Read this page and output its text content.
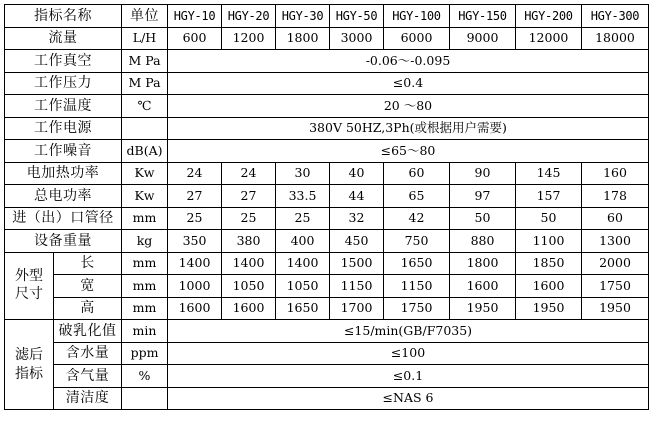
指标名称		单位	HGY-10	HGY-20	HGY-30	HGY-50	HGY-100	HGY-150	HGY-200	HGY-300
流量		L/H	600	1200	1800	3000	6000	9000	12000	18000
工作真空		M Pa	-0.06～-0.095							
工作压力		M Pa	≤0.4							
工作温度		℃	20 ～80							
工作电源			380V 50HZ,3Ph(或根据用户需要)							
工作噪音		dB(A)	≤65～80							
电加热功率		Kw	24	24	30	40	60	90	145	160
总电功率		Kw	27	27	33.5	44	65	97	157	178
进（出）口管径		mm	25	25	25	32	42	50	50	60
设备重量		kg	350	380	400	450	750	880	1100	1300

外型
尺寸	长	mm	1400	1400	1400	1500	1650	1800	1850	2000
	宽	mm	1000	1050	1050	1150	1150	1600	1600	1750
	高	mm	1600	1600	1650	1700	1750	1950	1950	1950

滤后
指标	破乳化值	min	≤15/min(GB/F7035)							
	含水量	ppm	≤100							
	含气量	%	≤0.1							
	清洁度		≤NAS 6							
